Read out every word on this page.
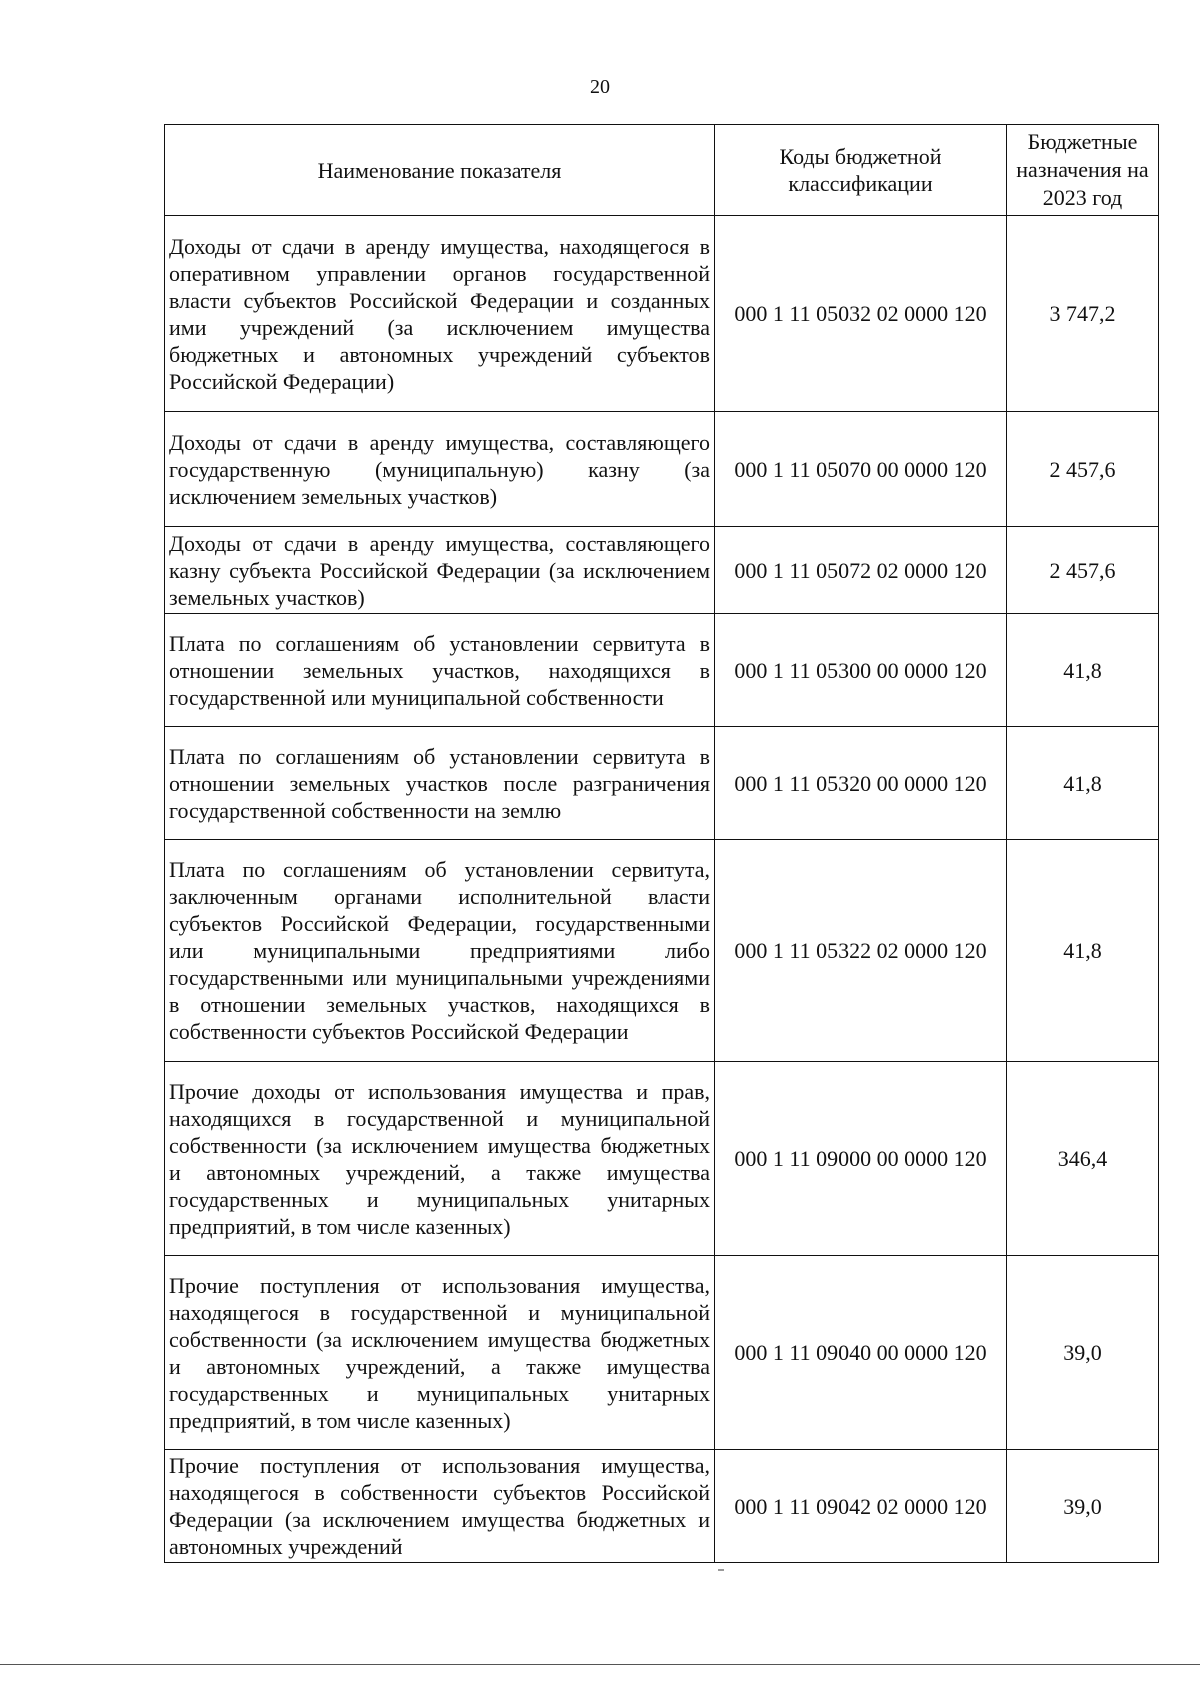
20
Наименование показателя	Коды бюджетной классификации	Бюджетные назначения на 2023 год
Доходы от сдачи в аренду имущества, находящегося в оперативном управлении органов государственной власти субъектов Российской Федерации и созданных ими учреждений (за исключением имущества бюджетных и автономных учреждений субъектов Российской Федерации)	000 1 11 05032 02 0000 120	3 747,2
Доходы от сдачи в аренду имущества, составляющего государственную (муниципальную) казну (за исключением земельных участков)	000 1 11 05070 00 0000 120	2 457,6
Доходы от сдачи в аренду имущества, составляющего казну субъекта Российской Федерации (за исключением земельных участков)	000 1 11 05072 02 0000 120	2 457,6
Плата по соглашениям об установлении сервитута в отношении земельных участков, находящихся в государственной или муниципальной собственности	000 1 11 05300 00 0000 120	41,8
Плата по соглашениям об установлении сервитута в отношении земельных участков после разграничения государственной собственности на землю	000 1 11 05320 00 0000 120	41,8
Плата по соглашениям об установлении сервитута, заключенным органами исполнительной власти субъектов Российской Федерации, государственными или муниципальными предприятиями либо государственными или муниципальными учреждениями в отношении земельных участков, находящихся в собственности субъектов Российской Федерации	000 1 11 05322 02 0000 120	41,8
Прочие доходы от использования имущества и прав, находящихся в государственной и муниципальной собственности (за исключением имущества бюджетных и автономных учреждений, а также имущества государственных и муниципальных унитарных предприятий, в том числе казенных)	000 1 11 09000 00 0000 120	346,4
Прочие поступления от использования имущества, находящегося в государственной и муниципальной собственности (за исключением имущества бюджетных и автономных учреждений, а также имущества государственных и муниципальных унитарных предприятий, в том числе казенных)	000 1 11 09040 00 0000 120	39,0
Прочие поступления от использования имущества, находящегося в собственности субъектов Российской Федерации (за исключением имущества бюджетных и автономных учреждений	000 1 11 09042 02 0000 120	39,0
